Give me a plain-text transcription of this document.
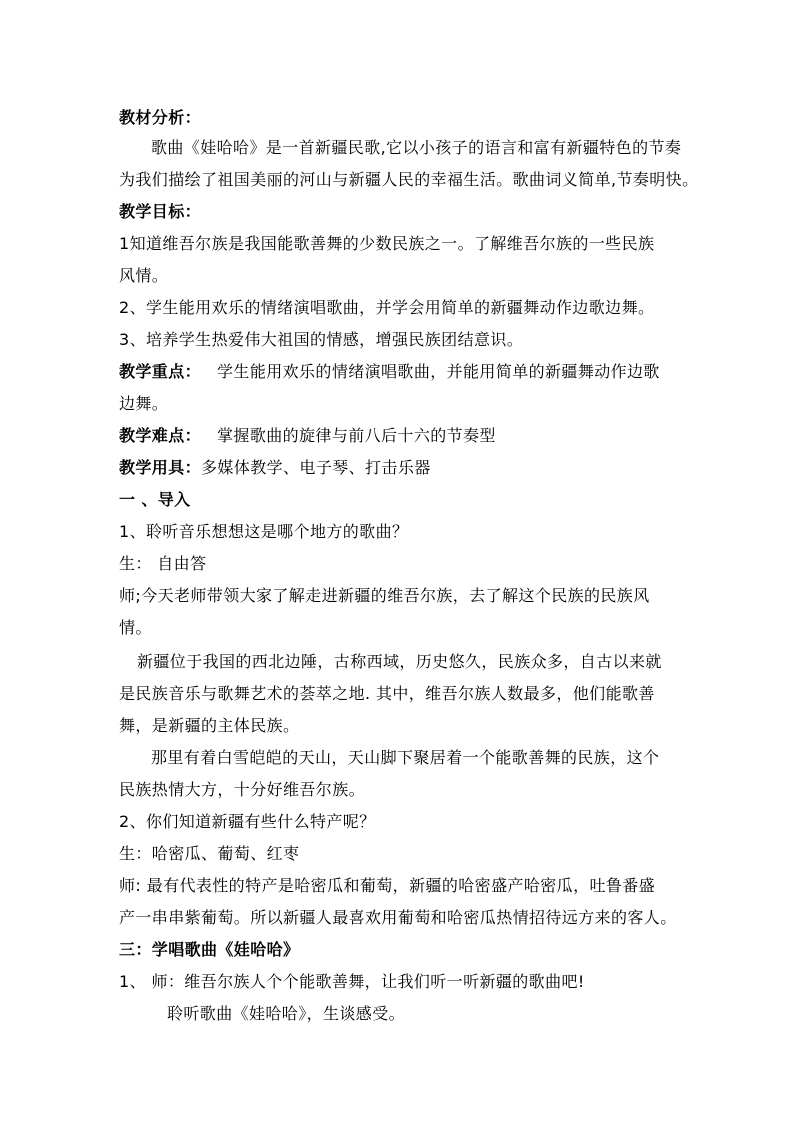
教材分析：
歌曲《娃哈哈》是一首新疆民歌,它以小孩子的语言和富有新疆特色的节奏
为我们描绘了祖国美丽的河山与新疆人民的幸福生活。歌曲词义简单,节奏明快。
教学目标：
1知道维吾尔族是我国能歌善舞的少数民族之一。了解维吾尔族的一些民族
风情。
2、学生能用欢乐的情绪演唱歌曲，并学会用简单的新疆舞动作边歌边舞。
3、培养学生热爱伟大祖国的情感，增强民族团结意识。
教学重点： 学生能用欢乐的情绪演唱歌曲，并能用简单的新疆舞动作边歌
边舞。
教学难点： 掌握歌曲的旋律与前八后十六的节奏型
教学用具：多媒体教学、电子琴、打击乐器
一 、导入
1、聆听音乐想想这是哪个地方的歌曲？
生： 自由答
师;今天老师带领大家了解走进新疆的维吾尔族，去了解这个民族的民族风
情。
新疆位于我国的西北边陲，古称西域，历史悠久，民族众多，自古以来就
是民族音乐与歌舞艺术的荟萃之地. 其中，维吾尔族人数最多，他们能歌善
舞，是新疆的主体民族。
那里有着白雪皑皑的天山，天山脚下聚居着一个能歌善舞的民族，这个
民族热情大方，十分好维吾尔族。
2、你们知道新疆有些什么特产呢？
生：哈密瓜、葡萄、红枣
师: 最有代表性的特产是哈密瓜和葡萄，新疆的哈密盛产哈密瓜，吐鲁番盛
产一串串紫葡萄。所以新疆人最喜欢用葡萄和哈密瓜热情招待远方来的客人。
三：学唱歌曲《娃哈哈》
1、 师：维吾尔族人个个能歌善舞，让我们听一听新疆的歌曲吧!
聆听歌曲《娃哈哈》，生谈感受。
